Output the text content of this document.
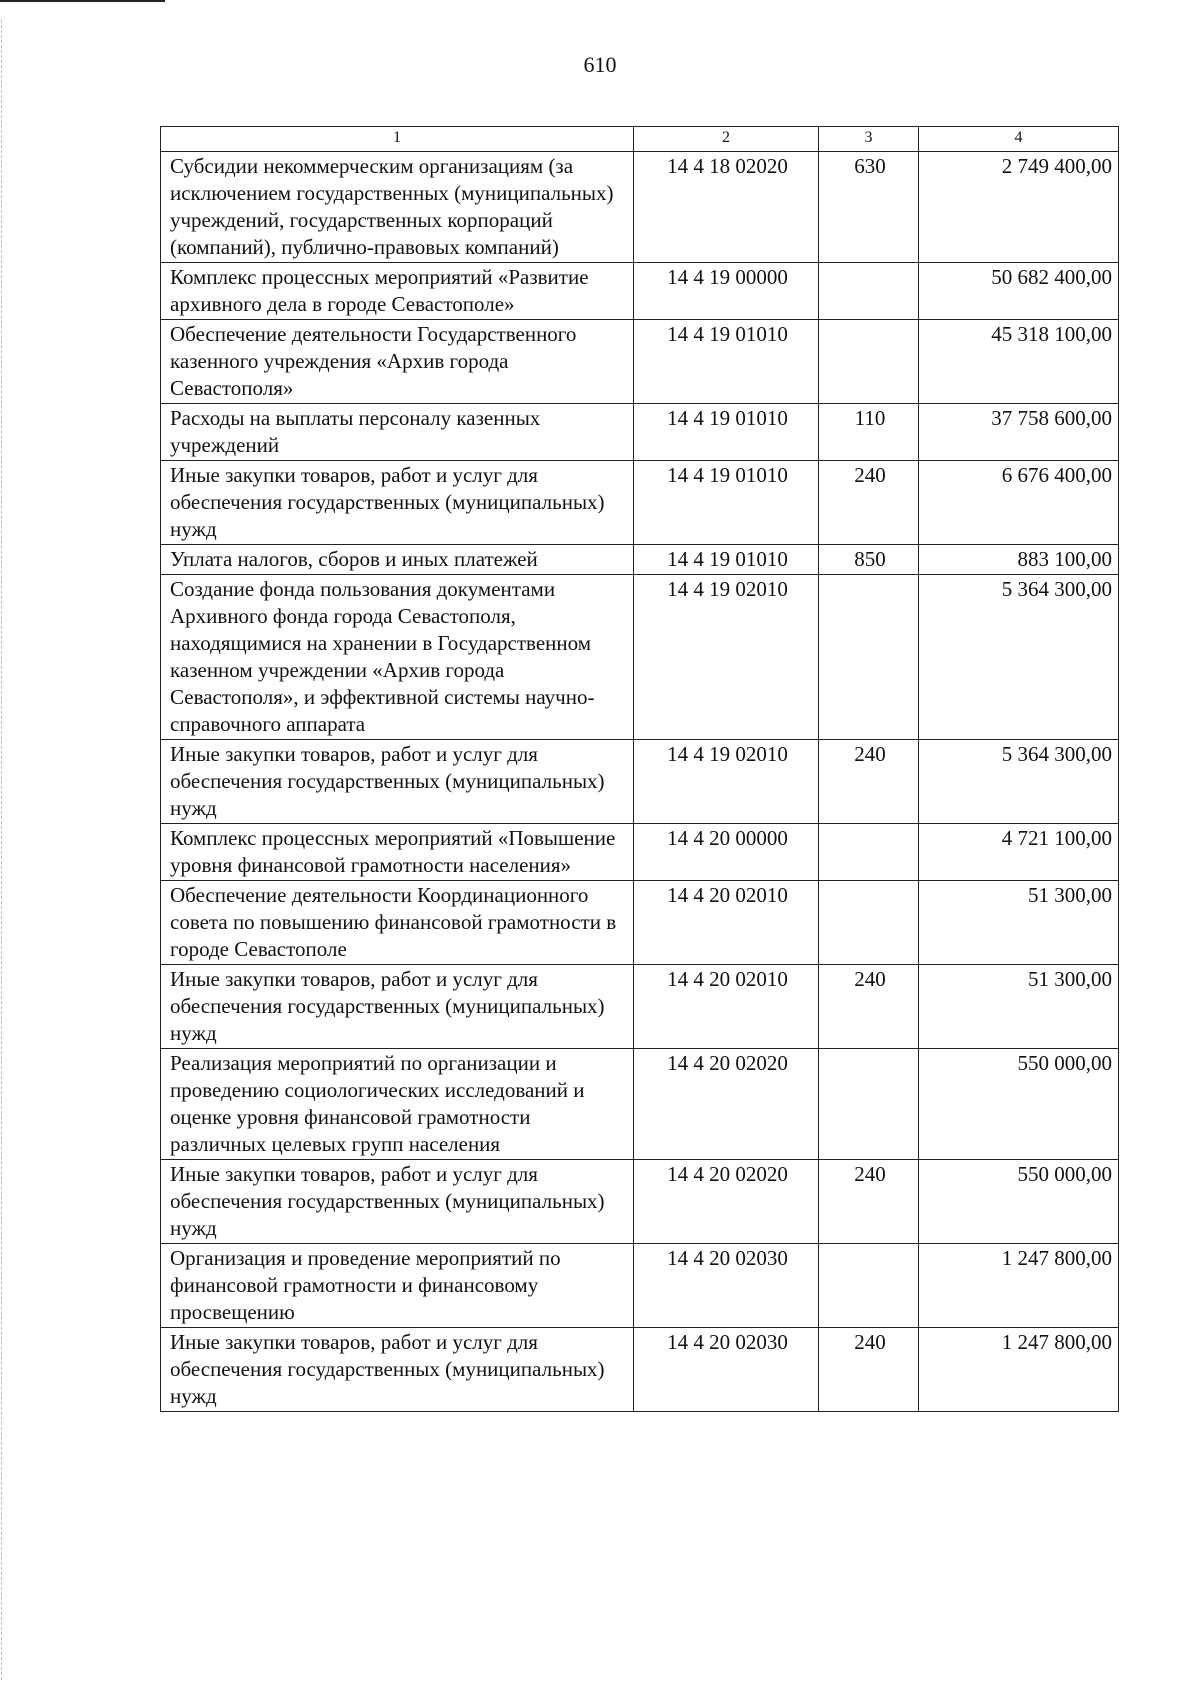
610
1	2	3	4
Субсидии некоммерческим организациям (за исключением государственных (муниципальных) учреждений, государственных корпораций (компаний), публично-правовых компаний)	14 4 18 02020	630	2 749 400,00
Комплекс процессных мероприятий «Развитие архивного дела в городе Севастополе»	14 4 19 00000		50 682 400,00
Обеспечение деятельности Государственного казенного учреждения «Архив города Севастополя»	14 4 19 01010		45 318 100,00
Расходы на выплаты персоналу казенных учреждений	14 4 19 01010	110	37 758 600,00
Иные закупки товаров, работ и услуг для обеспечения государственных (муниципальных) нужд	14 4 19 01010	240	6 676 400,00
Уплата налогов, сборов и иных платежей	14 4 19 01010	850	883 100,00
Создание фонда пользования документами Архивного фонда города Севастополя, находящимися на хранении в Государственном казенном учреждении «Архив города Севастополя», и эффективной системы научно-справочного аппарата	14 4 19 02010		5 364 300,00
Иные закупки товаров, работ и услуг для обеспечения государственных (муниципальных) нужд	14 4 19 02010	240	5 364 300,00
Комплекс процессных мероприятий «Повышение уровня финансовой грамотности населения»	14 4 20 00000		4 721 100,00
Обеспечение деятельности Координационного совета по повышению финансовой грамотности в городе Севастополе	14 4 20 02010		51 300,00
Иные закупки товаров, работ и услуг для обеспечения государственных (муниципальных) нужд	14 4 20 02010	240	51 300,00
Реализация мероприятий по организации и проведению социологических исследований и оценке уровня финансовой грамотности различных целевых групп населения	14 4 20 02020		550 000,00
Иные закупки товаров, работ и услуг для обеспечения государственных (муниципальных) нужд	14 4 20 02020	240	550 000,00
Организация и проведение мероприятий по финансовой грамотности и финансовому просвещению	14 4 20 02030		1 247 800,00
Иные закупки товаров, работ и услуг для обеспечения государственных (муниципальных) нужд	14 4 20 02030	240	1 247 800,00
